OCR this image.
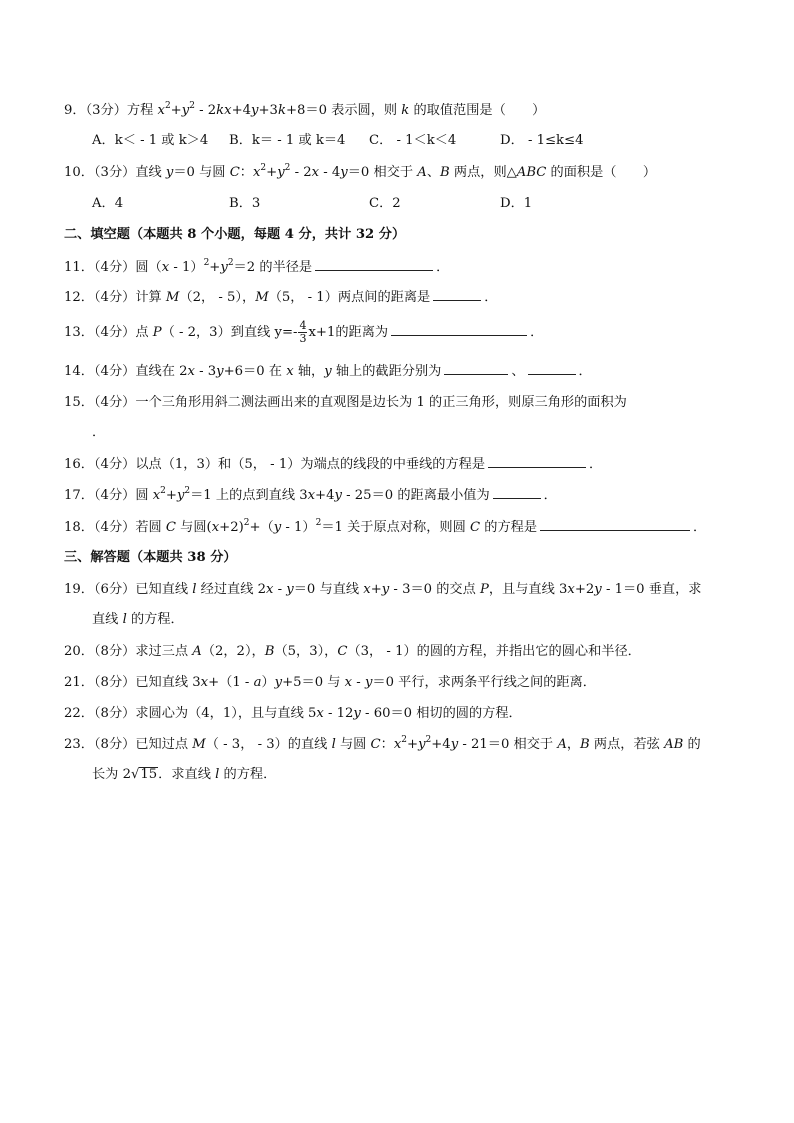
9．（3分）方程 $x^2+y^2 - 2kx+4y+3k+8=0$ 表示圆，则 k 的取值范围是（　　）
A．k＜ - 1 或 k＞4 B．k＝ - 1 或 k＝4 C． - 1＜k＜4	D． - 1≤k≤4
10．（3分）直线 y＝0 与圆 C：$x^2+y^2 - 2x - 4y=0$ 相交于 A、B 两点，则△ABC 的面积是（　　）
A．4	B．3	C．2	D．1
二、填空题（本题共 8 个小题，每题 4 分，共计 32 分）
11．（4分）圆$(x - 1)^2+y^2=2$ 的半径是	．
12．（4分）计算 M（2， - 5），M（5， - 1）两点间的距离是	．
13．（4分）点 P（ - 2，3）到直线 $y=- \frac{4}{3} x+1$的距离为	．
14．（4分）直线在 2x - 3y+6＝0 在 x 轴，y 轴上的截距分别为	、	．
15．（4分）一个三角形用斜二测法画出来的直观图是边长为 1 的正三角形，则原三角形的面积为
．
16．（4分）以点（1，3）和（5， - 1）为端点的线段的中垂线的方程是	．
17．（4分）圆 $x^2+y^2=1$ 上的点到直线 3x+4y - 25＝0 的距离最小值为	．
18．（4分）若圆 C 与圆$(x+2)^2+(y - 1)^2=1$ 关于原点对称，则圆 C 的方程是	．
三、解答题（本题共 38 分）
19．（6分）已知直线 l 经过直线 2x - y＝0 与直线 x+y - 3＝0 的交点 P，且与直线 3x+2y - 1＝0 垂直，求
直线 l 的方程．
20．（8分）求过三点 A（2，2），B（5，3），C（3， - 1）的圆的方程，并指出它的圆心和半径．
21．（8分）已知直线 3x+（1 - a）y+5＝0 与 x - y＝0 平行，求两条平行线之间的距离．
22．（8分）求圆心为（4，1），且与直线 5x - 12y - 60＝0 相切的圆的方程．
23．（8分）已知过点 M（ - 3， - 3）的直线 l 与圆 C：$x^2+y^2+4y - 21=0$ 相交于 A，B 两点，若弦 AB 的
长为 2√15．求直线 l 的方程．
